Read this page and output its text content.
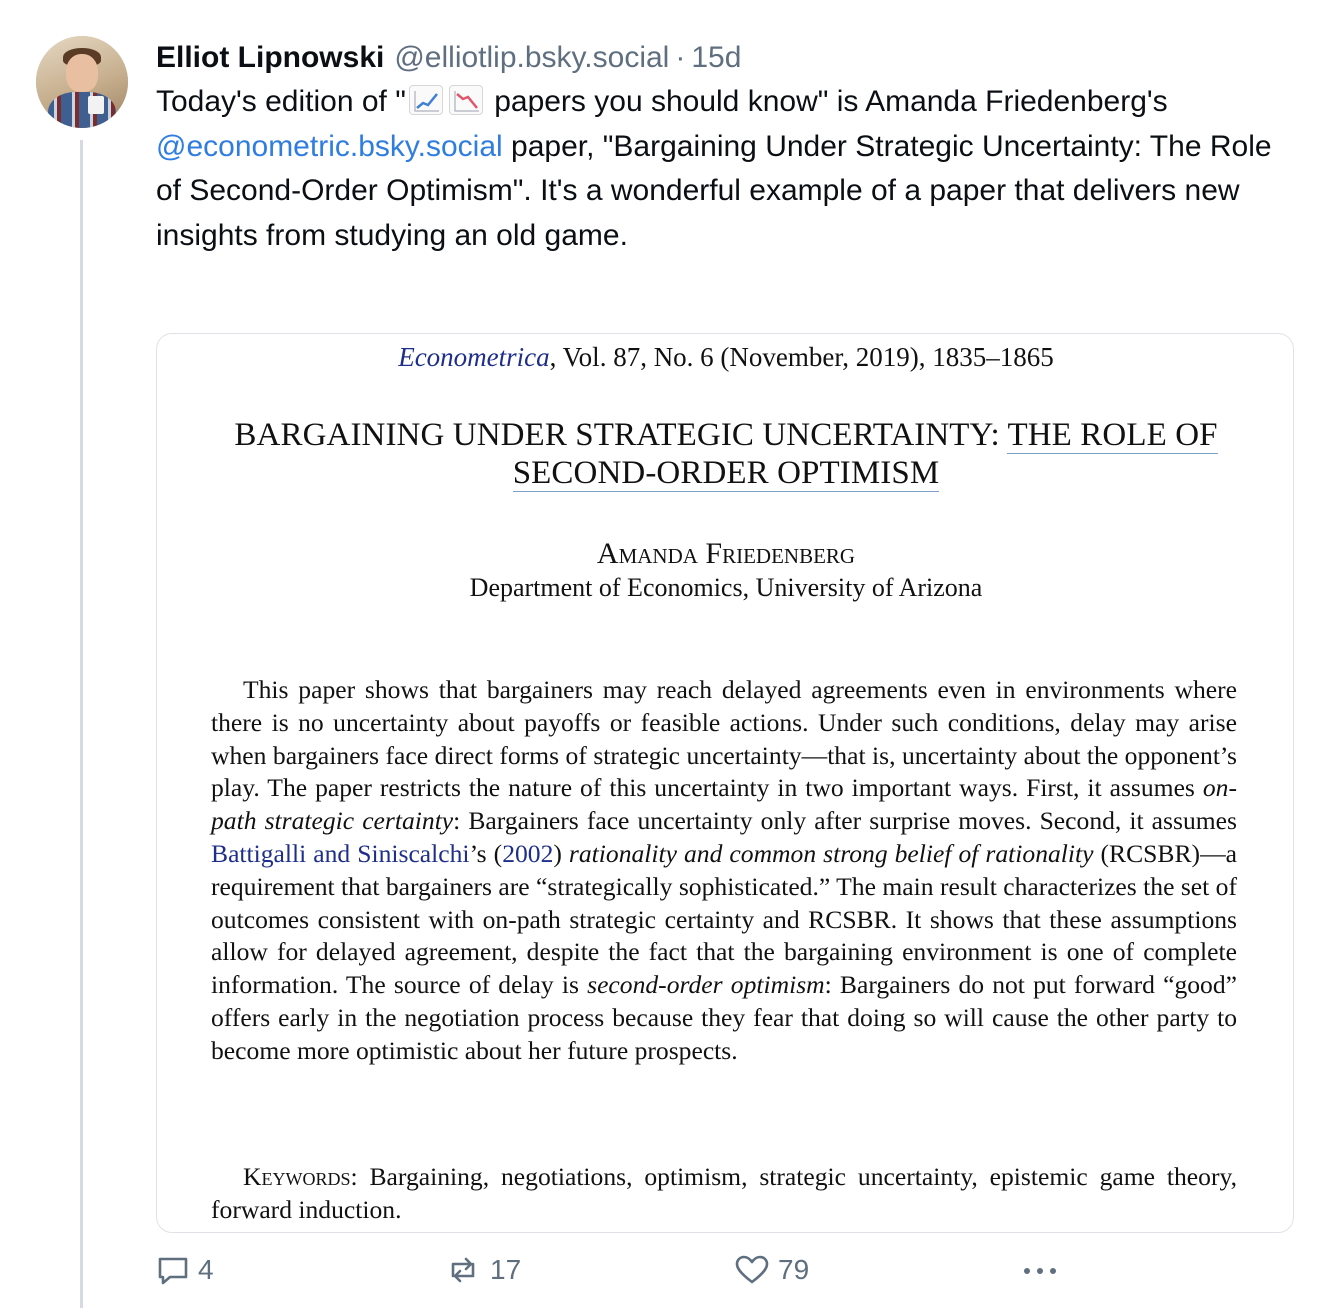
Elliot Lipnowski @elliotlip.bsky.social · 15d
Today's edition of "	papers you should know" is Amanda Friedenberg's @econometric.bsky.social paper, "Bargaining Under Strategic Uncertainty: The Role of Second-Order Optimism". It's a wonderful example of a paper that delivers new insights from studying an old game.
Econometrica, Vol. 87, No. 6 (November, 2019), 1835–1865
BARGAINING UNDER STRATEGIC UNCERTAINTY: THE ROLE OF
SECOND-ORDER OPTIMISM
Amanda Friedenberg
Department of Economics, University of Arizona
This paper shows that bargainers may reach delayed agreements even in environments where there is no uncertainty about payoffs or feasible actions. Under such conditions, delay may arise when bargainers face direct forms of strategic uncertainty—that is, uncertainty about the opponent’s play. The paper restricts the nature of this uncertainty in two important ways. First, it assumes on-path strategic certainty: Bargainers face uncertainty only after surprise moves. Second, it assumes Battigalli and Siniscalchi’s (2002) rationality and common strong belief of rationality (RCSBR)—a requirement that bargainers are “strategically sophisticated.” The main result characterizes the set of outcomes consistent with on-path strategic certainty and RCSBR. It shows that these assumptions allow for delayed agreement, despite the fact that the bargaining environment is one of complete information. The source of delay is second-order optimism: Bargainers do not put forward “good” offers early in the negotiation process because they fear that doing so will cause the other party to become more optimistic about her future prospects.
Keywords: Bargaining, negotiations, optimism, strategic uncertainty, epistemic game theory, forward induction.
4	17	79
